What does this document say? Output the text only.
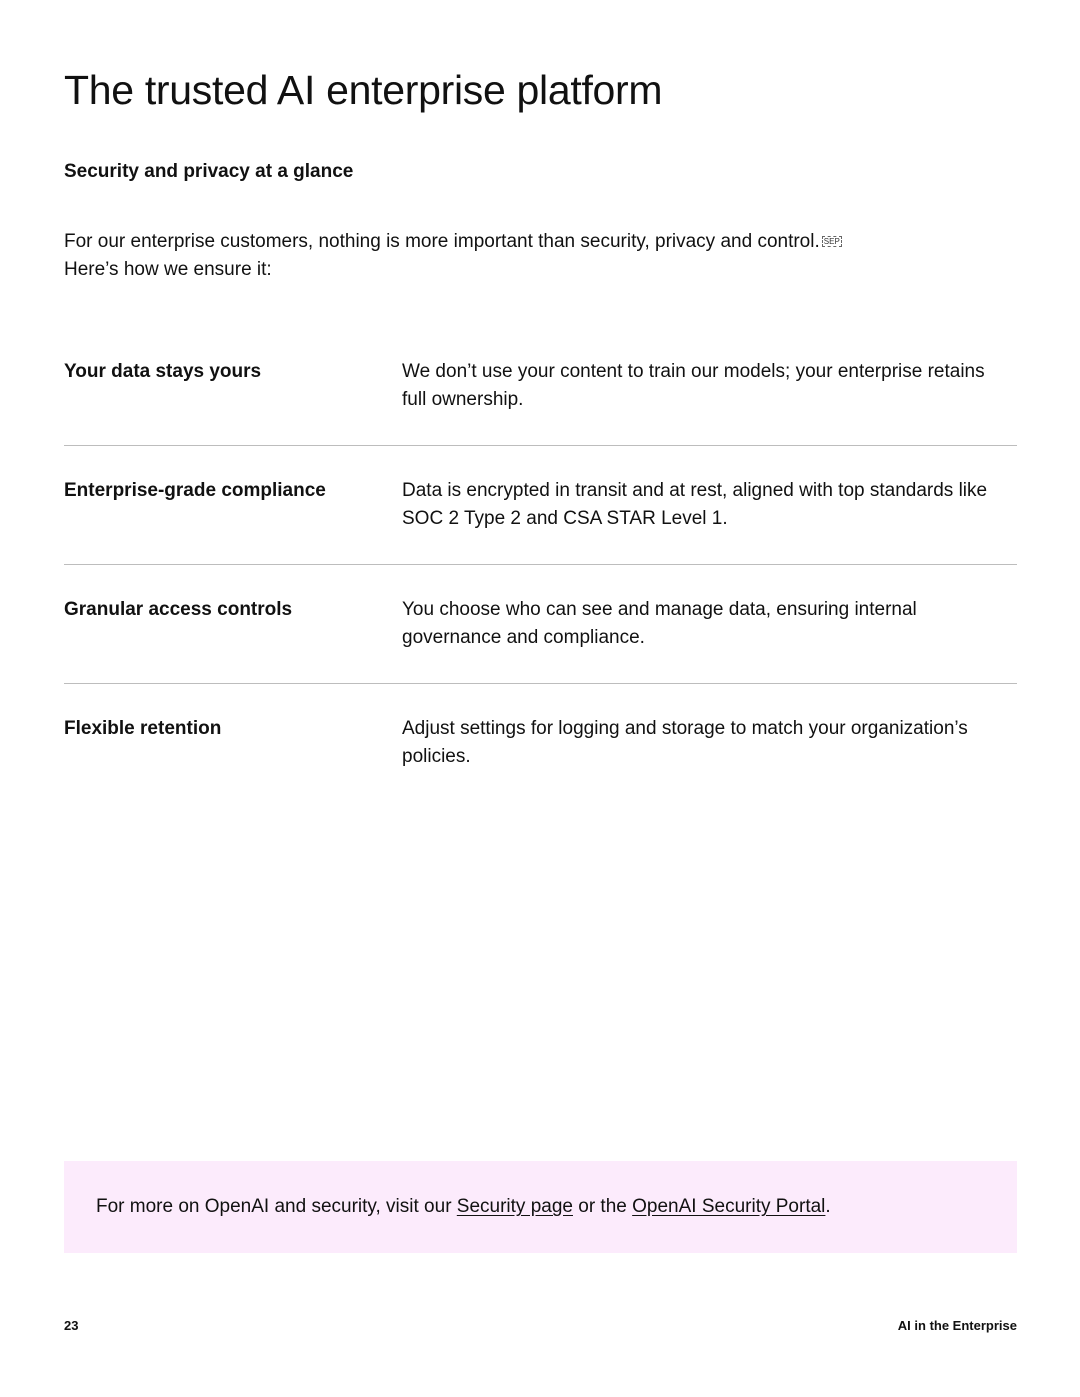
The trusted AI enterprise platform
Security and privacy at a glance

For our enterprise customers, nothing is more important than security, privacy and control. SEP
Here’s how we ensure it:

Your data stays yours	We don’t use your content to train our models; your enterprise retains full ownership.
Enterprise-grade compliance	Data is encrypted in transit and at rest, aligned with top standards like SOC 2 Type 2 and CSA STAR Level 1.
Granular access controls	You choose who can see and manage data, ensuring internal governance and compliance.
Flexible retention	Adjust settings for logging and storage to match your organization’s policies.
For more on OpenAI and security, visit our Security page or the OpenAI Security Portal.
23	AI in the Enterprise
